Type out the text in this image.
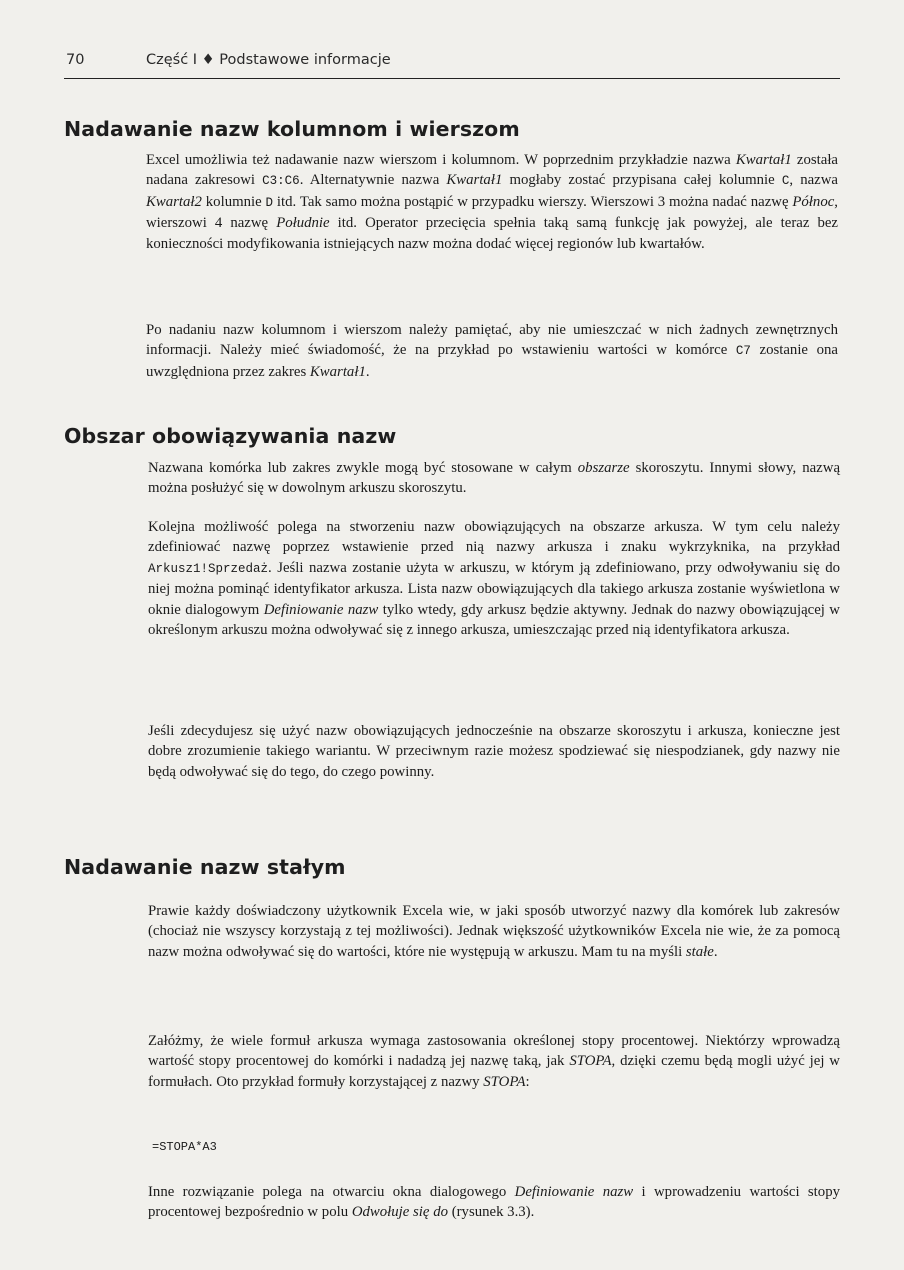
70	Część I ♦ Podstawowe informacje
Nadawanie nazw kolumnom i wierszom

Excel umożliwia też nadawanie nazw wierszom i kolumnom. W poprzednim przykładzie nazwa Kwartał1 została nadana zakresowi C3:C6. Alternatywnie nazwa Kwartał1 mogłaby zostać przypisana całej kolumnie C, nazwa Kwartał2 kolumnie D itd. Tak samo można postąpić w przypadku wierszy. Wierszowi 3 można nadać nazwę Północ, wierszowi 4 nazwę Południe itd. Operator przecięcia spełnia taką samą funkcję jak powyżej, ale teraz bez konieczności modyfikowania istniejących nazw można dodać więcej regionów lub kwartałów.

Po nadaniu nazw kolumnom i wierszom należy pamiętać, aby nie umieszczać w nich żadnych zewnętrznych informacji. Należy mieć świadomość, że na przykład po wstawieniu wartości w komórce C7 zostanie ona uwzględniona przez zakres Kwartał1.

Obszar obowiązywania nazw

Nazwana komórka lub zakres zwykle mogą być stosowane w całym obszarze skoroszytu. Innymi słowy, nazwą można posłużyć się w dowolnym arkuszu skoroszytu.

Kolejna możliwość polega na stworzeniu nazw obowiązujących na obszarze arkusza. W tym celu należy zdefiniować nazwę poprzez wstawienie przed nią nazwy arkusza i znaku wykrzyknika, na przykład Arkusz1!Sprzedaż. Jeśli nazwa zostanie użyta w arkuszu, w którym ją zdefiniowano, przy odwoływaniu się do niej można pominąć identyfikator arkusza. Lista nazw obowiązujących dla takiego arkusza zostanie wyświetlona w oknie dialogowym Definiowanie nazw tylko wtedy, gdy arkusz będzie aktywny. Jednak do nazwy obowiązującej w określonym arkuszu można odwoływać się z innego arkusza, umieszczając przed nią identyfikatora arkusza.

Jeśli zdecydujesz się użyć nazw obowiązujących jednocześnie na obszarze skoroszytu i arkusza, konieczne jest dobre zrozumienie takiego wariantu. W przeciwnym razie możesz spodziewać się niespodzianek, gdy nazwy nie będą odwoływać się do tego, do czego powinny.

Nadawanie nazw stałym

Prawie każdy doświadczony użytkownik Excela wie, w jaki sposób utworzyć nazwy dla komórek lub zakresów (chociaż nie wszyscy korzystają z tej możliwości). Jednak większość użytkowników Excela nie wie, że za pomocą nazw można odwoływać się do wartości, które nie występują w arkuszu. Mam tu na myśli stałe.

Załóżmy, że wiele formuł arkusza wymaga zastosowania określonej stopy procentowej. Niektórzy wprowadzą wartość stopy procentowej do komórki i nadadzą jej nazwę taką, jak STOPA, dzięki czemu będą mogli użyć jej w formułach. Oto przykład formuły korzystającej z nazwy STOPA:

=STOPA*A3

Inne rozwiązanie polega na otwarciu okna dialogowego Definiowanie nazw i wprowadzeniu wartości stopy procentowej bezpośrednio w polu Odwołuje się do (rysunek 3.3).
